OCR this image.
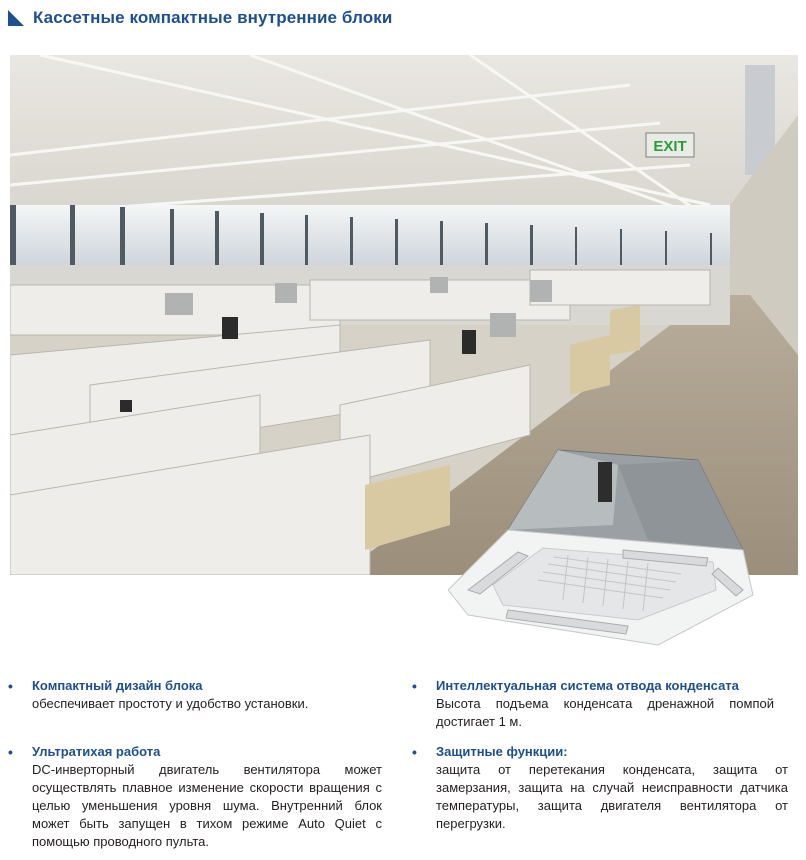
Кассетные компактные внутренние блоки
EXIT
• Компактный дизайн блока
обеспечивает простоту и удобство установки.
• Ультратихая работа
DC-инверторный двигатель вентилятора может осуществлять плавное изменение скорости вращения с целью уменьшения уровня шума. Внутренний блок может быть запущен в тихом режиме Auto Quiet с помощью проводного пульта.
• Интеллектуальная система отвода конденсата
Высота подъема конденсата дренажной помпой достигает 1 м.
• Защитные функции:
защита от перетекания конденсата, защита от замерзания, защита на случай неисправности датчика температуры, защита двигателя вентилятора от перегрузки.
